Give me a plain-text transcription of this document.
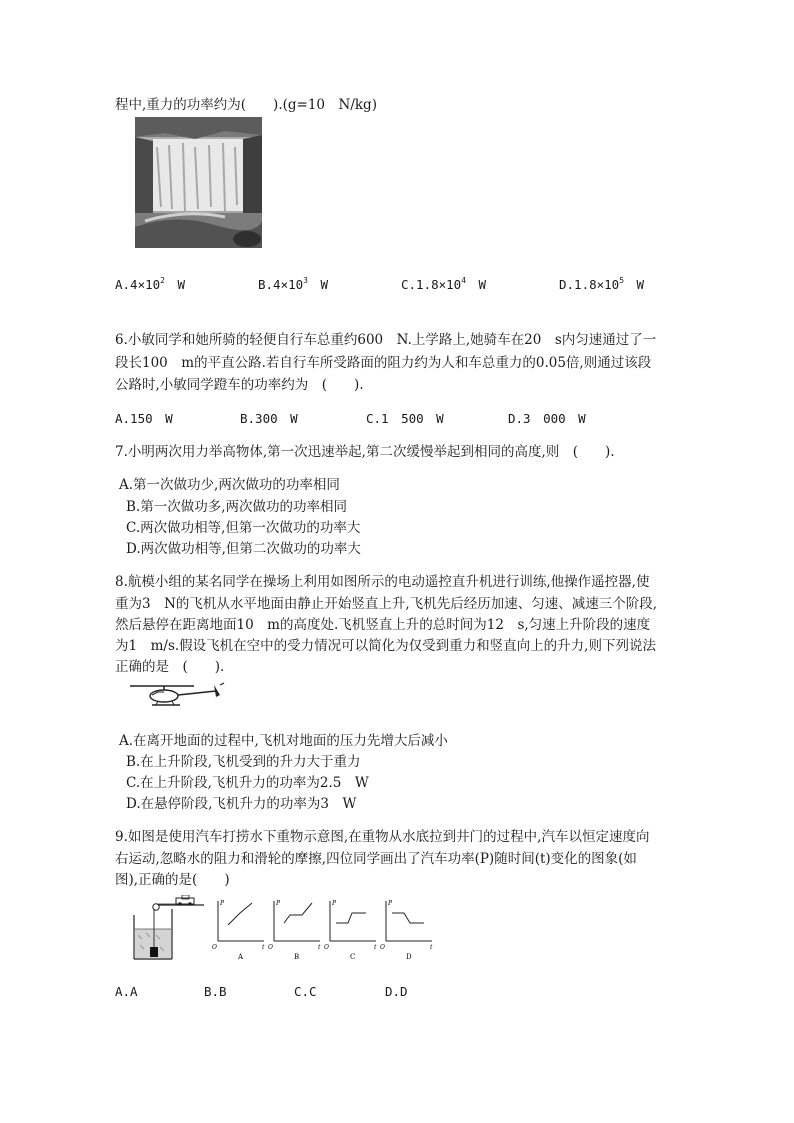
程中,重力的功率约为(　　).(g=10　N/kg)
$A.4\times 10^2$　W	$B.4\times 10^3$　W	$C.1.8\times 10^4$　W	$D.1.8\times 10^5$　W
6.小敏同学和她所骑的轻便自行车总重约600　N.上学路上,她骑车在20　s内匀速通过了一
段长100　m的平直公路.若自行车所受路面的阻力约为人和车总重力的0.05倍,则通过该段
公路时,小敏同学蹬车的功率约为　(　　).
A.150　W	B.300　W	C.1　500　W	D.3　000　W
7.小明两次用力举高物体,第一次迅速举起,第二次缓慢举起到相同的高度,则　(　　).
A.第一次做功少,两次做功的功率相同
B.第一次做功多,两次做功的功率相同
C.两次做功相等,但第一次做功的功率大
D.两次做功相等,但第二次做功的功率大
8.航模小组的某名同学在操场上利用如图所示的电动遥控直升机进行训练,他操作遥控器,使
重为3　N的飞机从水平地面由静止开始竖直上升,飞机先后经历加速、匀速、减速三个阶段,
然后悬停在距离地面10　m的高度处.飞机竖直上升的总时间为12　s,匀速上升阶段的速度
为1　m/s.假设飞机在空中的受力情况可以简化为仅受到重力和竖直向上的升力,则下列说法
正确的是　(　　).
A.在离开地面的过程中,飞机对地面的压力先增大后减小
B.在上升阶段,飞机受到的升力大于重力
C.在上升阶段,飞机升力的功率为2.5　W
D.在悬停阶段,飞机升力的功率为3　W
9.如图是使用汽车打捞水下重物示意图,在重物从水底拉到井门的过程中,汽车以恒定速度向
右运动,忽略水的阻力和滑轮的摩擦,四位同学画出了汽车功率(P)随时间(t)变化的图象(如
图),正确的是(　　)
P
t
O
A
P
t
O
B
P
t
O
C
P
t
O
D
A.A	B.B	C.C	D.D
